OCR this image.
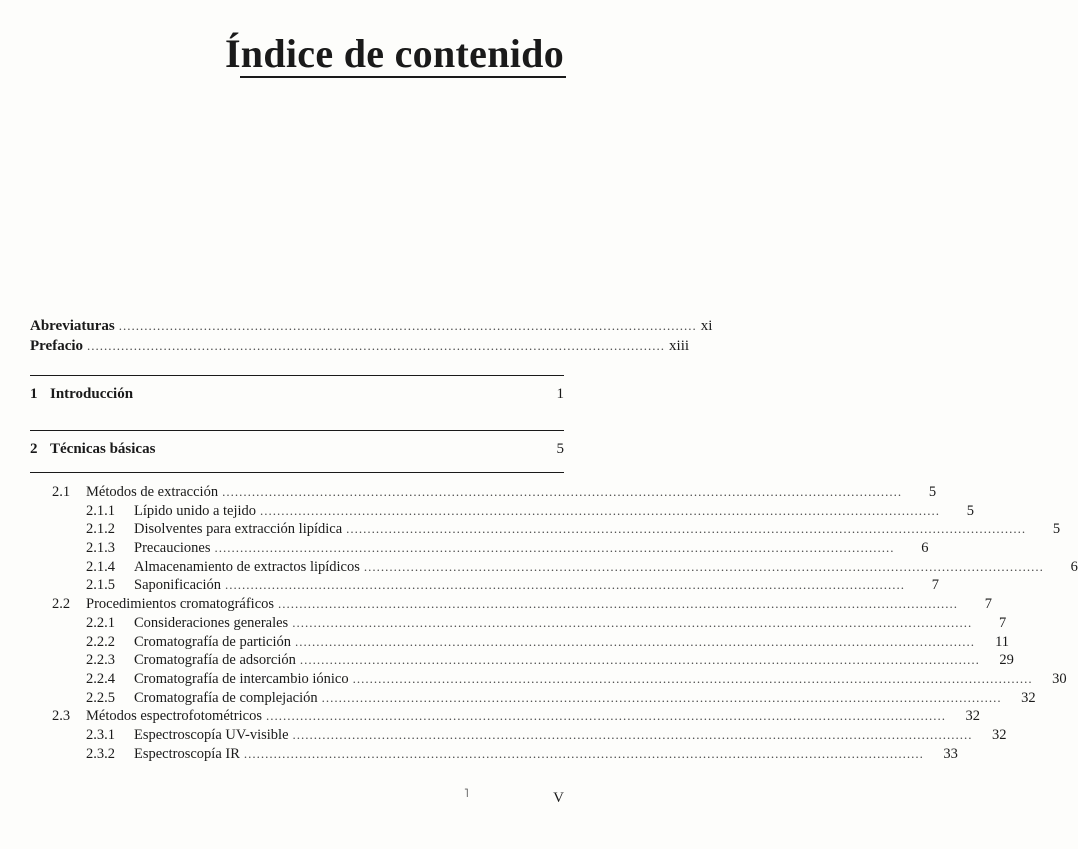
Índice de contenido
Abreviaturas ........................................................................................................................................ xi
Prefacio ........................................................................................................................................ xiii
1 Introducción	1
2 Técnicas básicas	5
2.1	Métodos de extracción ................................................................................................................................................................	5
2.1.1	Lípido unido a tejido ................................................................................................................................................................	5
2.1.2	Disolventes para extracción lipídica ................................................................................................................................................................	5
2.1.3	Precauciones ................................................................................................................................................................	6
2.1.4	Almacenamiento de extractos lipídicos ................................................................................................................................................................	6
2.1.5	Saponificación ................................................................................................................................................................	7
2.2	Procedimientos cromatográficos ................................................................................................................................................................	7
2.2.1	Consideraciones generales ................................................................................................................................................................	7
2.2.2	Cromatografía de partición ................................................................................................................................................................	11
2.2.3	Cromatografía de adsorción ................................................................................................................................................................	29
2.2.4	Cromatografía de intercambio iónico ................................................................................................................................................................	30
2.2.5	Cromatografía de complejación ................................................................................................................................................................	32
2.3	Métodos espectrofotométricos ................................................................................................................................................................	32
2.3.1	Espectroscopía UV-visible ................................................................................................................................................................	32
2.3.2	Espectroscopía IR ................................................................................................................................................................	33
˥	V
